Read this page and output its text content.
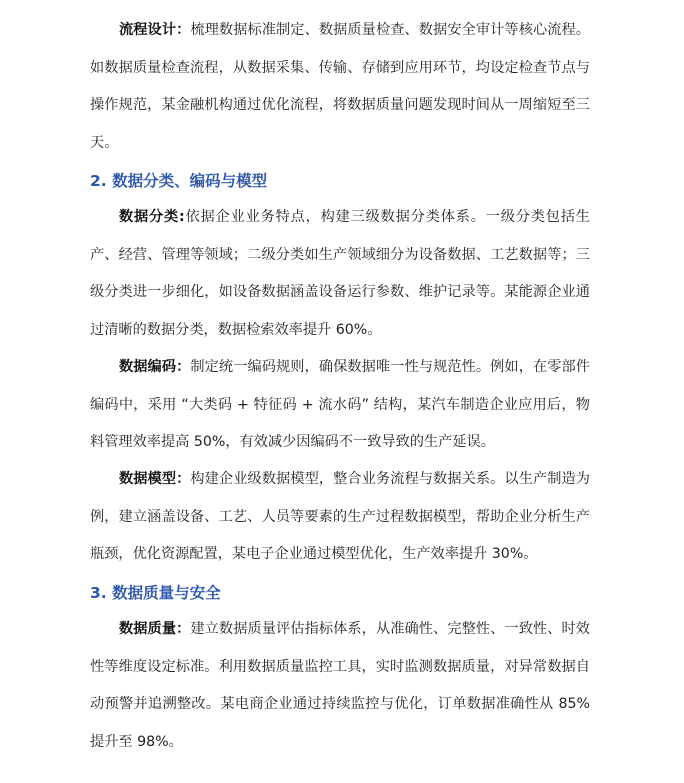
流程设计：梳理数据标准制定、数据质量检查、数据安全审计等核心流程。如数据质量检查流程，从数据采集、传输、存储到应用环节，均设定检查节点与操作规范，某金融机构通过优化流程，将数据质量问题发现时间从一周缩短至三天。

2. 数据分类、编码与模型

数据分类:依据企业业务特点，构建三级数据分类体系。一级分类包括生产、经营、管理等领域；二级分类如生产领域细分为设备数据、工艺数据等；三级分类进一步细化，如设备数据涵盖设备运行参数、维护记录等。某能源企业通过清晰的数据分类，数据检索效率提升 60%。

数据编码：制定统一编码规则，确保数据唯一性与规范性。例如，在零部件编码中，采用 “大类码 + 特征码 + 流水码” 结构，某汽车制造企业应用后，物料管理效率提高 50%，有效减少因编码不一致导致的生产延误。

数据模型：构建企业级数据模型，整合业务流程与数据关系。以生产制造为例，建立涵盖设备、工艺、人员等要素的生产过程数据模型，帮助企业分析生产瓶颈，优化资源配置，某电子企业通过模型优化，生产效率提升 30%。

3. 数据质量与安全

数据质量：建立数据质量评估指标体系，从准确性、完整性、一致性、时效性等维度设定标准。利用数据质量监控工具，实时监测数据质量，对异常数据自动预警并追溯整改。某电商企业通过持续监控与优化，订单数据准确性从 85%提升至 98%。
